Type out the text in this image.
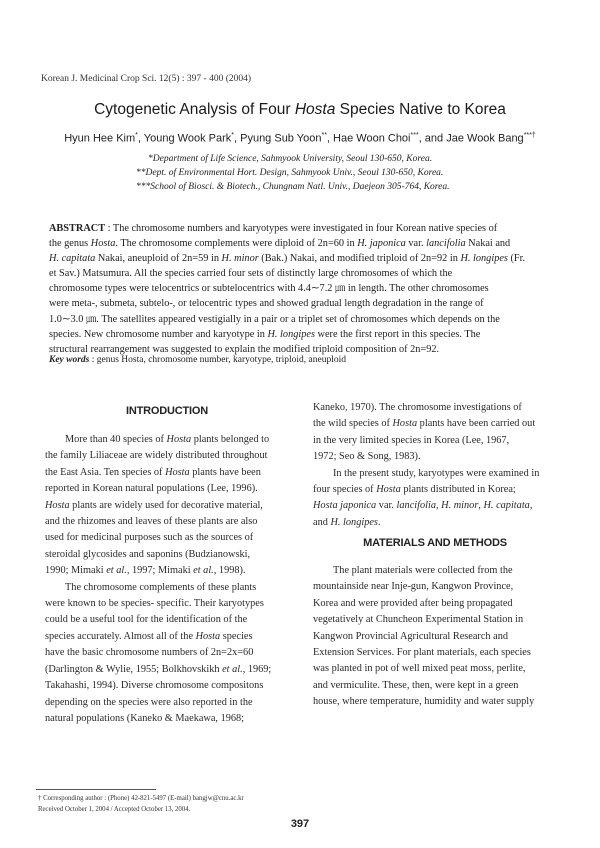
Korean J. Medicinal Crop Sci. 12(5) : 397 - 400 (2004)
Cytogenetic Analysis of Four Hosta Species Native to Korea
Hyun Hee Kim*, Young Wook Park*, Pyung Sub Yoon**, Hae Woon Choi***, and Jae Wook Bang***†
*Department of Life Science, Sahmyook University, Seoul 130-650, Korea.
**Dept. of Environmental Hort. Design, Sahmyook Univ., Seoul 130-650, Korea.
***School of Biosci. & Biotech., Chungnam Natl. Univ., Daejeon 305-764, Korea.
ABSTRACT : The chromosome numbers and karyotypes were investigated in four Korean native species of
the genus Hosta. The chromosome complements were diploid of 2n=60 in H. japonica var. lancifolia Nakai and
H. capitata Nakai, aneuploid of 2n=59 in H. minor (Bak.) Nakai, and modified triploid of 2n=92 in H. longipes (Fr.
et Sav.) Matsumura. All the species carried four sets of distinctly large chromosomes of which the
chromosome types were telocentrics or subtelocentrics with 4.4∼7.2 ㎛ in length. The other chromosomes
were meta-, submeta, subtelo-, or telocentric types and showed gradual length degradation in the range of
1.0∼3.0 ㎛. The satellites appeared vestigially in a pair or a triplet set of chromosomes which depends on the
species. New chromosome number and karyotype in H. longipes were the first report in this species. The
structural rearrangement was suggested to explain the modified triploid composition of 2n=92.
Key words : genus Hosta, chromosome number, karyotype, triploid, aneuploid
INTRODUCTION
More than 40 species of Hosta plants belonged to
the family Liliaceae are widely distributed throughout
the East Asia. Ten species of Hosta plants have been
reported in Korean natural populations (Lee, 1996).
Hosta plants are widely used for decorative material,
and the rhizomes and leaves of these plants are also
used for medicinal purposes such as the sources of
steroidal glycosides and saponins (Budzianowski,
1990; Mimaki et al., 1997; Mimaki et al., 1998).
The chromosome complements of these plants
were known to be species- specific. Their karyotypes
could be a useful tool for the identification of the
species accurately. Almost all of the Hosta species
have the basic chromosome numbers of 2n=2x=60
(Darlington & Wylie, 1955; Bolkhovskikh et al., 1969;
Takahashi, 1994). Diverse chromosome compositons
depending on the species were also reported in the
natural populations (Kaneko & Maekawa, 1968;
Kaneko, 1970). The chromosome investigations of
the wild species of Hosta plants have been carried out
in the very limited species in Korea (Lee, 1967,
1972; Seo & Song, 1983).
In the present study, karyotypes were examined in
four species of Hosta plants distributed in Korea;
Hosta japonica var. lancifolia, H. minor, H. capitata,
and H. longipes.
MATERIALS AND METHODS
The plant materials were collected from the
mountainside near Inje-gun, Kangwon Province,
Korea and were provided after being propagated
vegetatively at Chuncheon Experimental Station in
Kangwon Provincial Agricultural Research and
Extension Services. For plant materials, each species
was planted in pot of well mixed peat moss, perlite,
and vermiculite. These, then, were kept in a green
house, where temperature, humidity and water supply
† Corresponding author : (Phone) 42-821-5497 (E-mail) bangjw@cnu.ac.kr
Received October 1, 2004 / Accepted October 13, 2004.
397
